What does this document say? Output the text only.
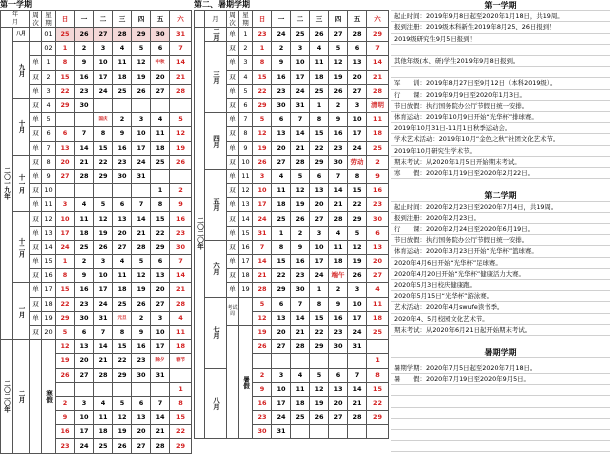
第一学期
年
月		周
次	星
期	日	一	二	三	四	五	六

二〇一九年	八月		01	25	26	27	28	29	30	31
	九月		02	1	2	3	4	5	6	7
		单	1	8	9	10	11	12	中秋	14
		双	2	15	16	17	18	19	20	21
		单	3	22	23	24	25	26	27	28
	十月	双	4	29	30					
		单	5			国庆	2	3	4	5
		双	6	6	7	8	9	10	11	12
		单	7	13	14	15	16	17	18	19
	十一月	双	8	20	21	22	23	24	25	26
		单	9	27	28	29	30	31		
		双	10						1	2
		单	11	3	4	5	6	7	8	9
	十二月	双	12	10	11	12	13	14	15	16
		单	13	17	18	19	20	21	22	23
		双	14	24	25	26	27	28	29	30
		单	15	1	2	3	4	5	6	7
		双	16	8	9	10	11	12	13	14
	一月	单	17	15	16	17	18	19	20	21
		双	18	22	23	24	25	26	27	28
		单	19	29	30	31	元旦	2	3	4
		双	20	5	6	7	8	9	10	11
二〇二〇年	二月		寒假	12	13	14	15	16	17	18
				19	20	21	22	23	除夕	春节
				26	27	28	29	30	31	
										1
				2	3	4	5	6	7	8
				9	10	11	12	13	14	15
				16	17	18	19	20	21	22
				23	24	25	26	27	28	29
第二、暑期学期
	月	周
次	星
期	日	一	二	三	四	五	六

二〇二〇年	二月	单	1	23	24	25	26	27	28	29
	三月	双	2	1	2	3	4	5	6	7
		单	3	8	9	10	11	12	13	14
		双	4	15	16	17	18	19	20	21
		单	5	22	23	24	25	26	27	28
		双	6	29	30	31	1	2	3	清明
	四月	单	7	5	6	7	8	9	10	11
		双	8	12	13	14	15	16	17	18
		单	9	19	20	21	22	23	24	25
		双	10	26	27	28	29	30	劳动	2
	五月	单	11	3	4	5	6	7	8	9
		双	12	10	11	12	13	14	15	16
		单	13	17	18	19	20	21	22	23
		双	14	24	25	26	27	28	29	30
		单	15	31	1	2	3	4	5	6
	六月	双	16	7	8	9	10	11	12	13
		单	17	14	15	16	17	18	19	20
		双	18	21	22	23	24	端午	26	27
		单	19	28	29	30	1	2	3	4
	七月	考试周		5	6	7	8	9	10	11
				12	13	14	15	16	17	18
			暑假	19	20	21	22	23	24	25
				26	27	28	29	30	31	
										1
	八月			2	3	4	5	6	7	8
				9	10	11	12	13	14	15
				16	17	18	19	20	21	22
				23	24	25	26	27	28	29
				30	31					
第一学期
起止时间：2019年9月8日起至2020年1月18日，共19周。
报到注册：2019级本科新生2019年8月25、26日报到！
2019级研究生9月5日报到！
其他年级(本、研)学生2019年9月8日报到。
军　　训：2019年8月27日至9月12日（本科2019级）。
行　　课：2019年9月9日至2020年1月3日。
节日放假：执行国务院办公厅节假日统一安排。
体育运动：2019年10月9日开始“光华杯”排球赛。
2019年10月31日-11月1日秋季运动会。
学术艺术活动：2019年10月“金色之秋”社团文化艺术节。
2019年10月研究生学术节。
期末考试：从2020年1月5日开始期末考试。
寒　　假：2020年1月19日至2020年2月22日。
第二学期
起止时间：2020年2月23日至2020年7月4日，共19周。
报到注册：2020年2月23日。
行　　课：2020年2月24日至2020年6月19日。
节日放假：执行国务院办公厅节假日统一安排。
体育运动：2020年3月23日开始“光华杯”篮球赛。
2020年4月6日开始“光华杯”足球赛。
2020年4月20日开始“光华杯”健康活力大赛。
2020年5月3日校庆健康跑。
2020年5月15日“光华杯”游泳赛。
艺术活动：2020年4月swufe读书季。
2020年4、5月校园文化艺术节。
期末考试：从2020年6月21日起开始期末考试。
暑期学期
暑期学期：2020年7月5日起至2020年7月18日。
暑　　假：2020年7月19日至2020年9月5日。
